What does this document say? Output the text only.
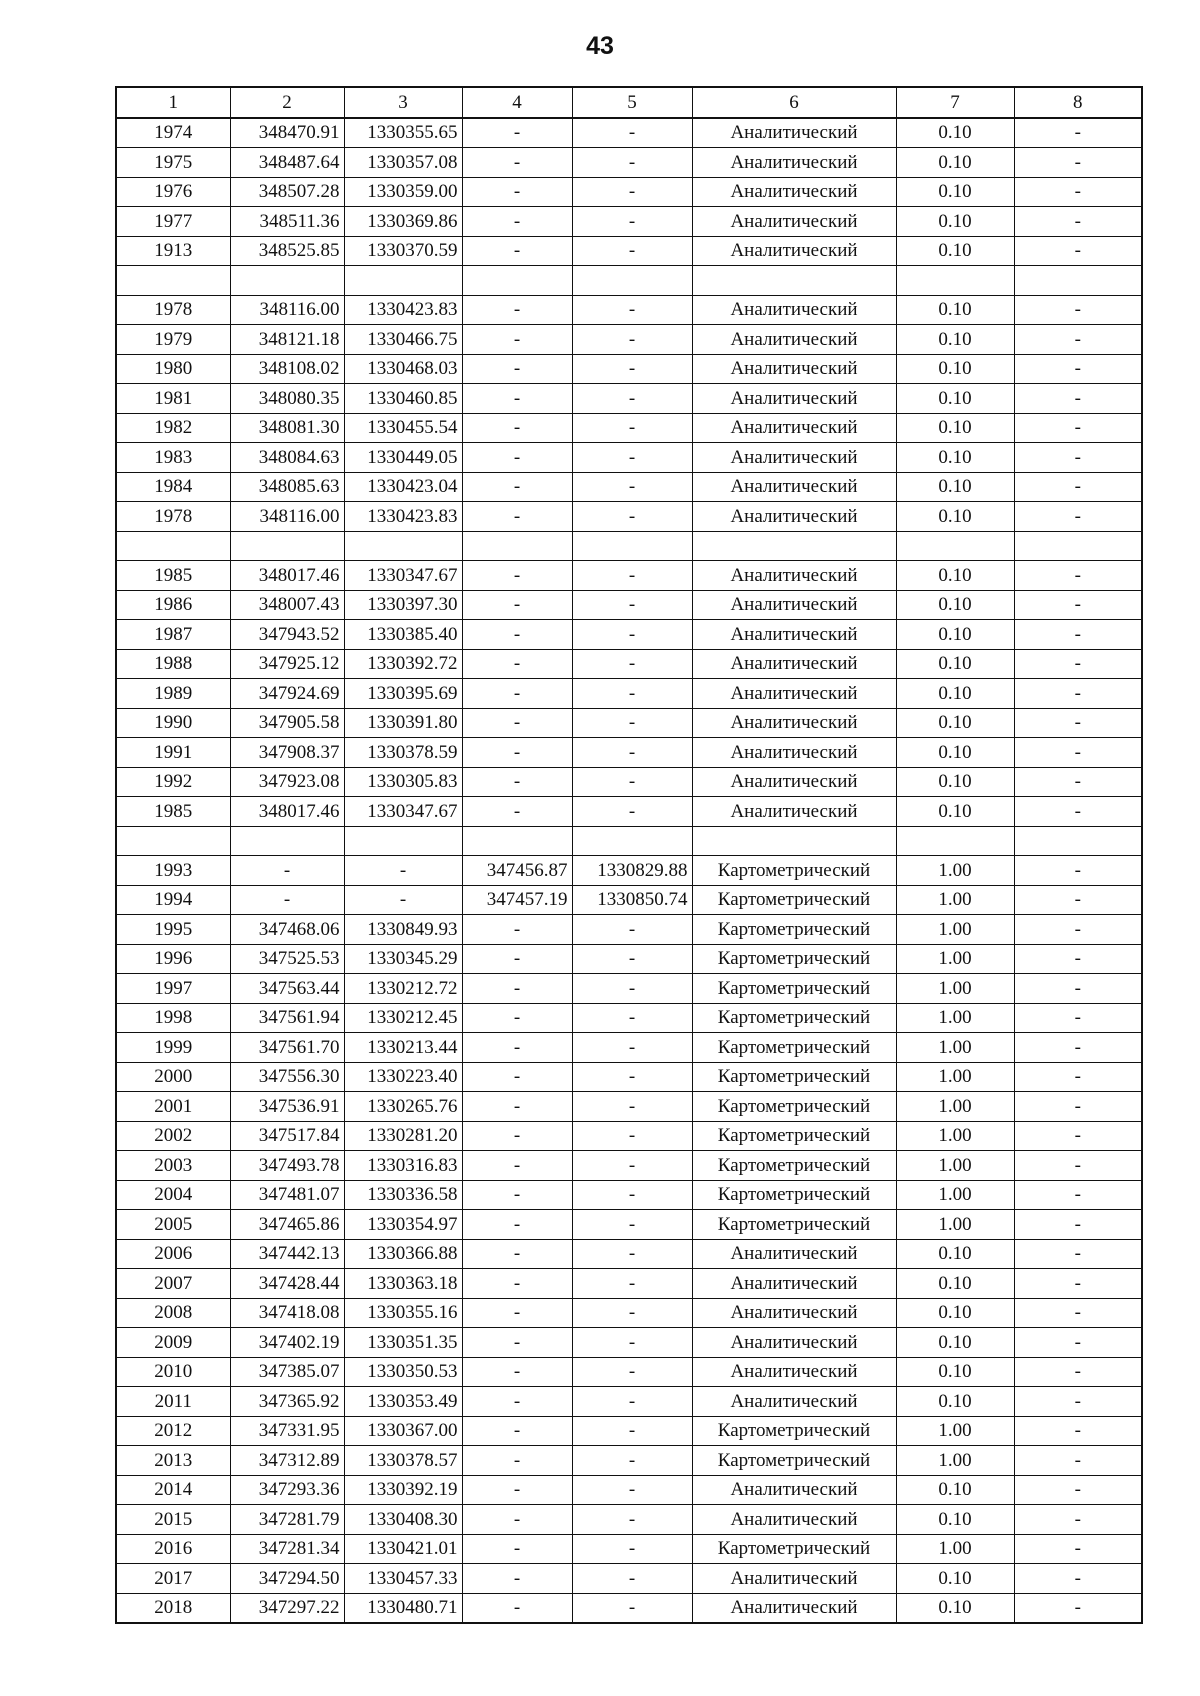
43
1	2	3	4	5	6	7	8
1974	348470.91	1330355.65	-	-	Аналитический	0.10	-
1975	348487.64	1330357.08	-	-	Аналитический	0.10	-
1976	348507.28	1330359.00	-	-	Аналитический	0.10	-
1977	348511.36	1330369.86	-	-	Аналитический	0.10	-
1913	348525.85	1330370.59	-	-	Аналитический	0.10	-

1978	348116.00	1330423.83	-	-	Аналитический	0.10	-
1979	348121.18	1330466.75	-	-	Аналитический	0.10	-
1980	348108.02	1330468.03	-	-	Аналитический	0.10	-
1981	348080.35	1330460.85	-	-	Аналитический	0.10	-
1982	348081.30	1330455.54	-	-	Аналитический	0.10	-
1983	348084.63	1330449.05	-	-	Аналитический	0.10	-
1984	348085.63	1330423.04	-	-	Аналитический	0.10	-
1978	348116.00	1330423.83	-	-	Аналитический	0.10	-

1985	348017.46	1330347.67	-	-	Аналитический	0.10	-
1986	348007.43	1330397.30	-	-	Аналитический	0.10	-
1987	347943.52	1330385.40	-	-	Аналитический	0.10	-
1988	347925.12	1330392.72	-	-	Аналитический	0.10	-
1989	347924.69	1330395.69	-	-	Аналитический	0.10	-
1990	347905.58	1330391.80	-	-	Аналитический	0.10	-
1991	347908.37	1330378.59	-	-	Аналитический	0.10	-
1992	347923.08	1330305.83	-	-	Аналитический	0.10	-
1985	348017.46	1330347.67	-	-	Аналитический	0.10	-

1993	-	-	347456.87	1330829.88	Картометрический	1.00	-
1994	-	-	347457.19	1330850.74	Картометрический	1.00	-
1995	347468.06	1330849.93	-	-	Картометрический	1.00	-
1996	347525.53	1330345.29	-	-	Картометрический	1.00	-
1997	347563.44	1330212.72	-	-	Картометрический	1.00	-
1998	347561.94	1330212.45	-	-	Картометрический	1.00	-
1999	347561.70	1330213.44	-	-	Картометрический	1.00	-
2000	347556.30	1330223.40	-	-	Картометрический	1.00	-
2001	347536.91	1330265.76	-	-	Картометрический	1.00	-
2002	347517.84	1330281.20	-	-	Картометрический	1.00	-
2003	347493.78	1330316.83	-	-	Картометрический	1.00	-
2004	347481.07	1330336.58	-	-	Картометрический	1.00	-
2005	347465.86	1330354.97	-	-	Картометрический	1.00	-
2006	347442.13	1330366.88	-	-	Аналитический	0.10	-
2007	347428.44	1330363.18	-	-	Аналитический	0.10	-
2008	347418.08	1330355.16	-	-	Аналитический	0.10	-
2009	347402.19	1330351.35	-	-	Аналитический	0.10	-
2010	347385.07	1330350.53	-	-	Аналитический	0.10	-
2011	347365.92	1330353.49	-	-	Аналитический	0.10	-
2012	347331.95	1330367.00	-	-	Картометрический	1.00	-
2013	347312.89	1330378.57	-	-	Картометрический	1.00	-
2014	347293.36	1330392.19	-	-	Аналитический	0.10	-
2015	347281.79	1330408.30	-	-	Аналитический	0.10	-
2016	347281.34	1330421.01	-	-	Картометрический	1.00	-
2017	347294.50	1330457.33	-	-	Аналитический	0.10	-
2018	347297.22	1330480.71	-	-	Аналитический	0.10	-
